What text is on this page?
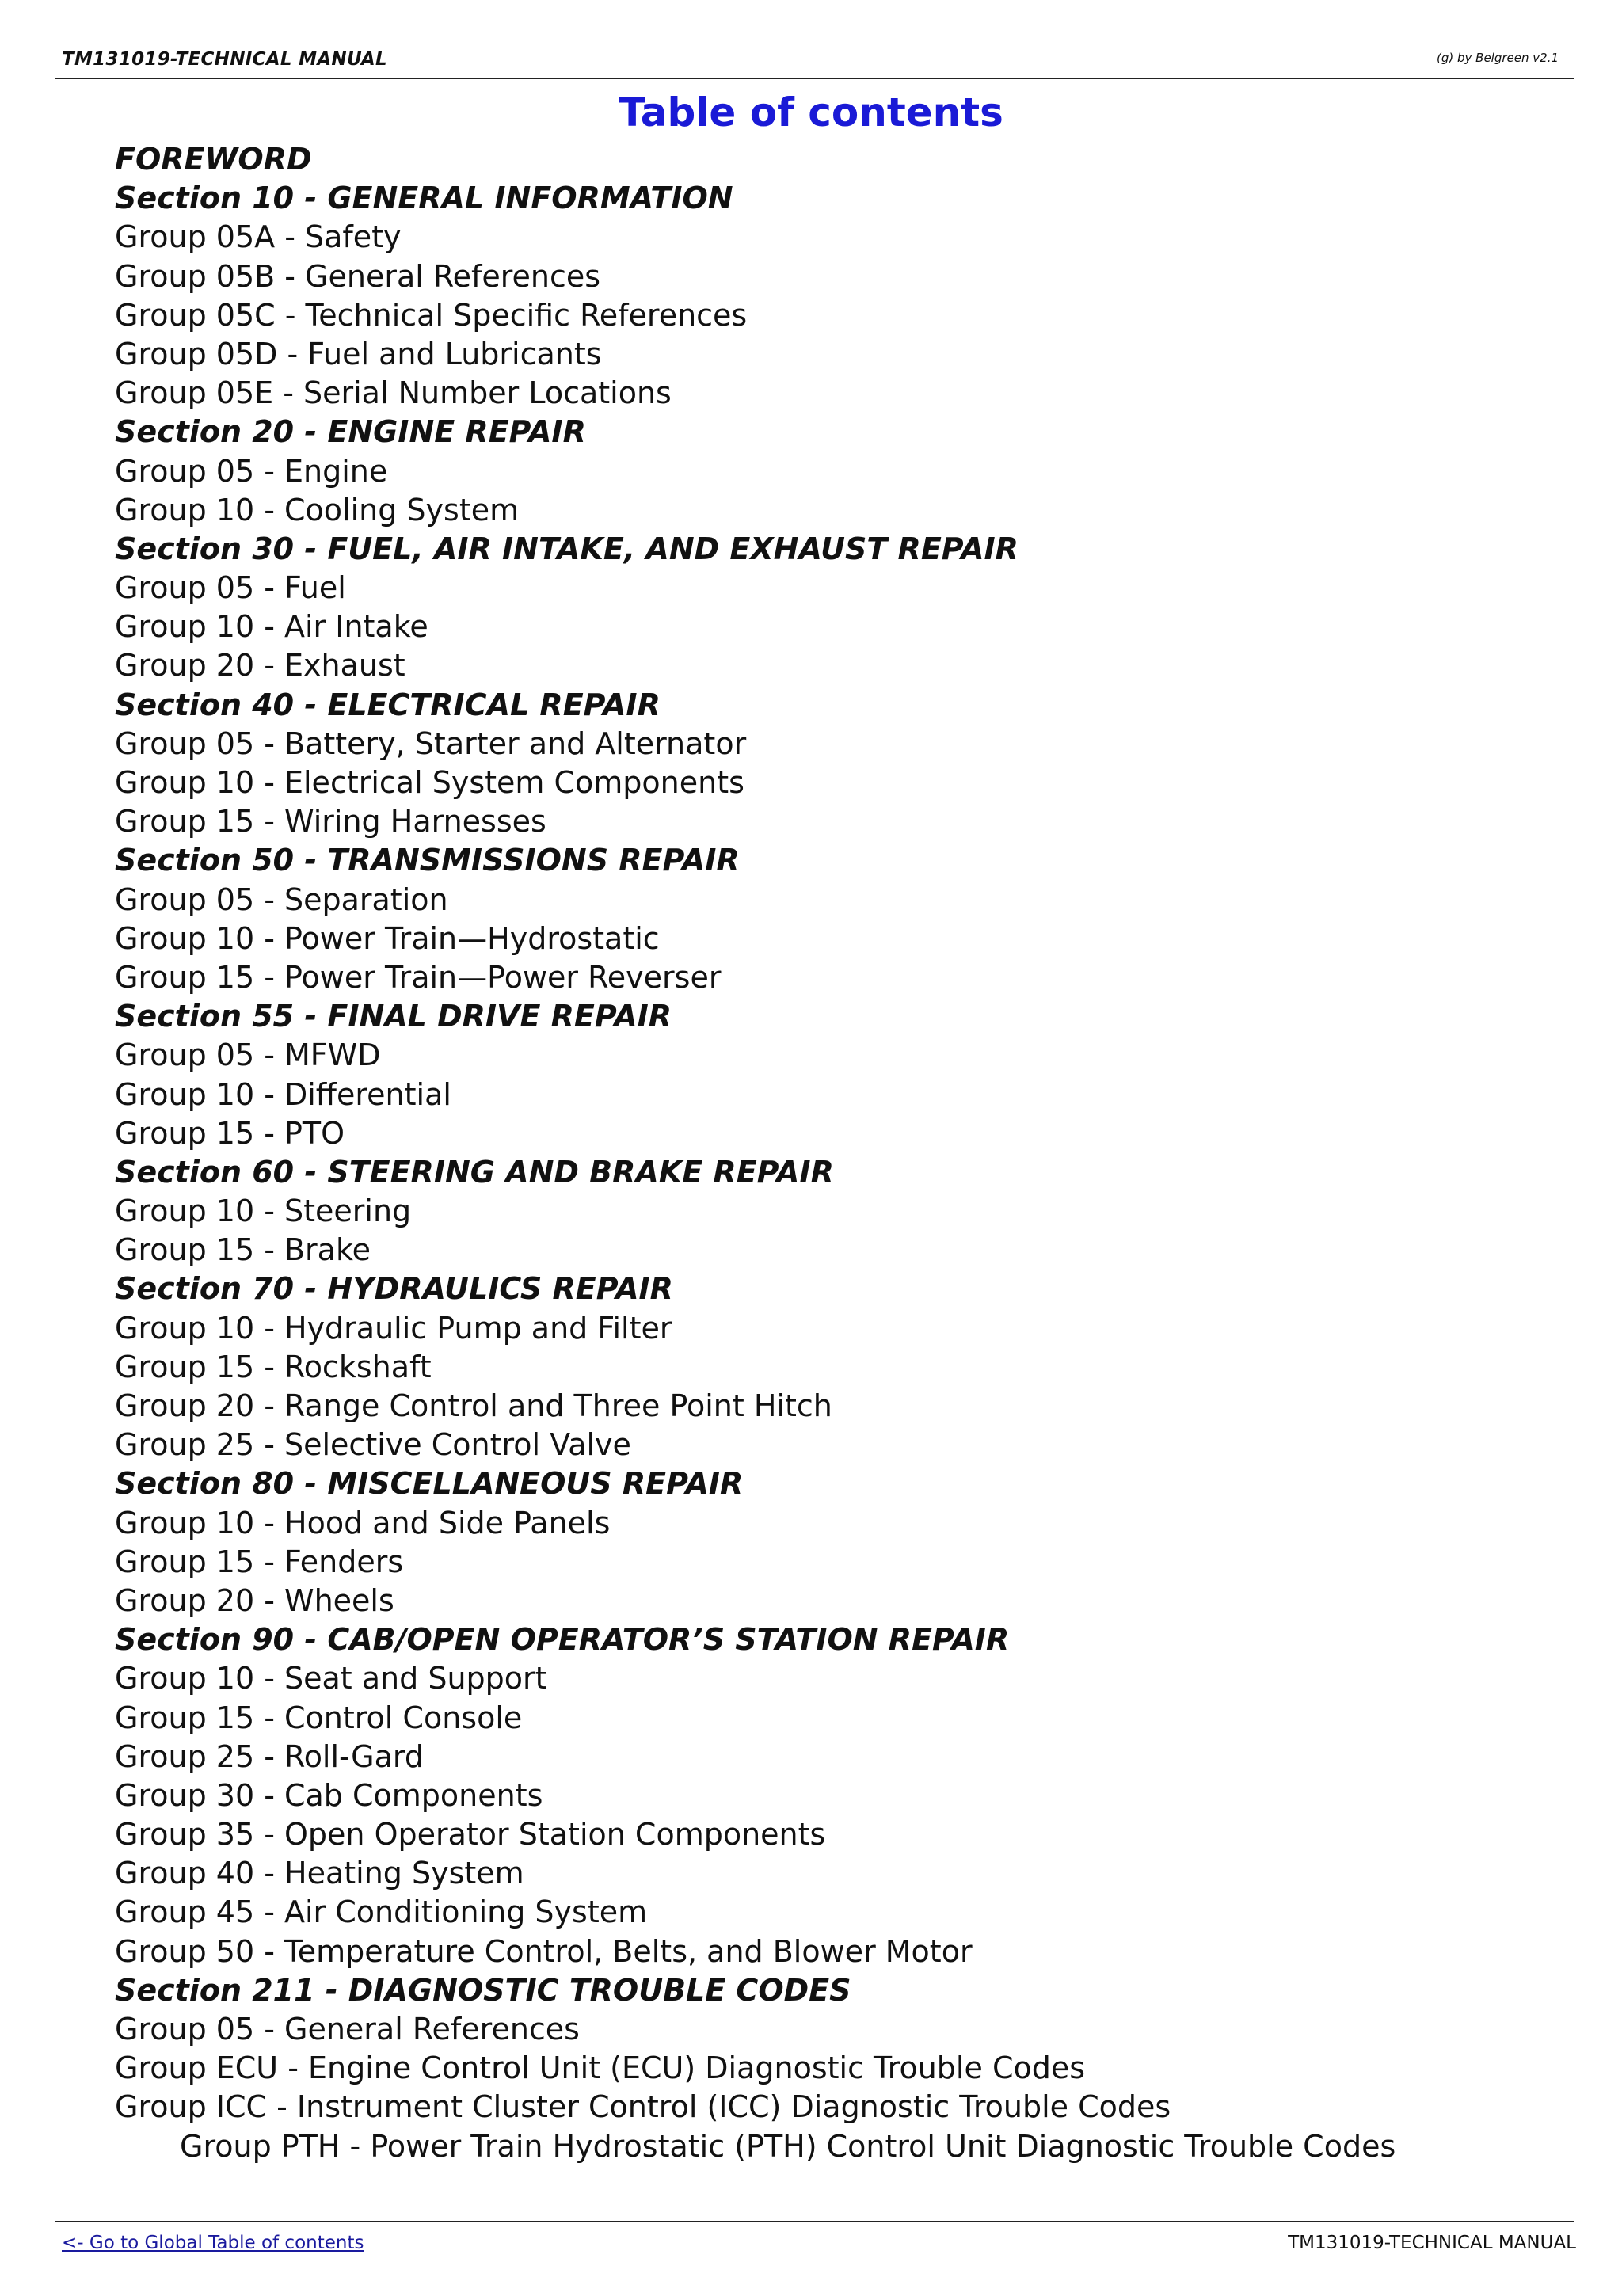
TM131019-TECHNICAL MANUAL	(g) by Belgreen v2.1
Table of contents
FOREWORD
Section 10 - GENERAL INFORMATION
Group 05A - Safety
Group 05B - General References
Group 05C - Technical Specific References
Group 05D - Fuel and Lubricants
Group 05E - Serial Number Locations
Section 20 - ENGINE REPAIR
Group 05 - Engine
Group 10 - Cooling System
Section 30 - FUEL, AIR INTAKE, AND EXHAUST REPAIR
Group 05 - Fuel
Group 10 - Air Intake
Group 20 - Exhaust
Section 40 - ELECTRICAL REPAIR
Group 05 - Battery, Starter and Alternator
Group 10 - Electrical System Components
Group 15 - Wiring Harnesses
Section 50 - TRANSMISSIONS REPAIR
Group 05 - Separation
Group 10 - Power Train—Hydrostatic
Group 15 - Power Train—Power Reverser
Section 55 - FINAL DRIVE REPAIR
Group 05 - MFWD
Group 10 - Differential
Group 15 - PTO
Section 60 - STEERING AND BRAKE REPAIR
Group 10 - Steering
Group 15 - Brake
Section 70 - HYDRAULICS REPAIR
Group 10 - Hydraulic Pump and Filter
Group 15 - Rockshaft
Group 20 - Range Control and Three Point Hitch
Group 25 - Selective Control Valve
Section 80 - MISCELLANEOUS REPAIR
Group 10 - Hood and Side Panels
Group 15 - Fenders
Group 20 - Wheels
Section 90 - CAB/OPEN OPERATOR’S STATION REPAIR
Group 10 - Seat and Support
Group 15 - Control Console
Group 25 - Roll-Gard
Group 30 - Cab Components
Group 35 - Open Operator Station Components
Group 40 - Heating System
Group 45 - Air Conditioning System
Group 50 - Temperature Control, Belts, and Blower Motor
Section 211 - DIAGNOSTIC TROUBLE CODES
Group 05 - General References
Group ECU - Engine Control Unit (ECU) Diagnostic Trouble Codes
Group ICC - Instrument Cluster Control (ICC) Diagnostic Trouble Codes
Group PTH - Power Train Hydrostatic (PTH) Control Unit Diagnostic Trouble Codes
<- Go to Global Table of contents	TM131019-TECHNICAL MANUAL
